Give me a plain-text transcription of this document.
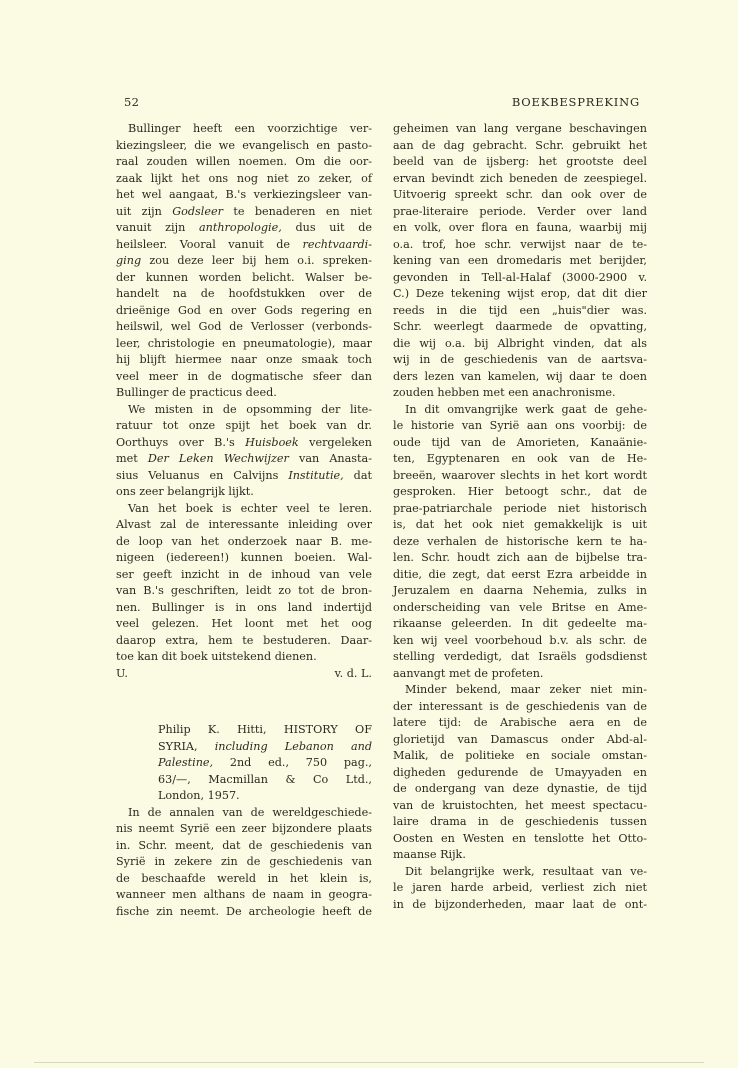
52	BOEKBESPREKING
Bullinger heeft een voorzichtige ver-
kiezingsleer, die we evangelisch en pasto-
raal zouden willen noemen. Om die oor-
zaak lijkt het ons nog niet zo zeker, of
het wel aangaat, B.'s verkiezingsleer van-
uit zijn Godsleer te benaderen en niet
vanuit zijn anthropologie, dus uit de
heilsleer. Vooral vanuit de rechtvaardi-
ging zou deze leer bij hem o.i. spreken-
der kunnen worden belicht. Walser be-
handelt na de hoofdstukken over de
drieënige God en over Gods regering en
heilswil, wel God de Verlosser (verbonds-
leer, christologie en pneumatologie), maar
hij blijft hiermee naar onze smaak toch
veel meer in de dogmatische sfeer dan
Bullinger de practicus deed.
We misten in de opsomming der lite-
ratuur tot onze spijt het boek van dr.
Oorthuys over B.'s Huisboek vergeleken
met Der Leken Wechwijzer van Anastа-
sius Veluanus en Calvijns Institutie, dat
ons zeer belangrijk lijkt.
Van het boek is echter veel te leren.
Alvast zal de interessante inleiding over
de loop van het onderzoek naar B. me-
nigeen (iedereen!) kunnen boeien. Wal-
ser geeft inzicht in de inhoud van vele
van B.'s geschriften, leidt zo tot de bron-
nen. Bullinger is in ons land indertijd
veel gelezen. Het loont met het oog
daarop extra, hem te bestuderen. Daar-
toe kan dit boek uitstekend dienen.
U.	v. d. L.
Philip K. Hitti, HISTORY OF
SYRIA, including Lebanon and
Palestine, 2nd ed., 750 pag.,
63/—, Macmillan & Co Ltd.,
London, 1957.
In de annalen van de wereldgeschiede-
nis neemt Syrië een zeer bijzondere plaats
in. Schr. meent, dat de geschiedenis van
Syrië in zekere zin de geschiedenis van
de beschaafde wereld in het klein is,
wanneer men althans de naam in geogra-
fische zin neemt. De archeologie heeft de
geheimen van lang vergane beschavingen
aan de dag gebracht. Schr. gebruikt het
beeld van de ijsberg: het grootste deel
ervan bevindt zich beneden de zeespiegel.
Uitvoerig spreekt schr. dan ook over de
prae-literaire periode. Verder over land
en volk, over flora en fauna, waarbij mij
o.a. trof, hoe schr. verwijst naar de te-
kening van een dromedaris met berijder,
gevonden in Tell-al-Halaf (3000-2900 v.
C.) Deze tekening wijst erop, dat dit dier
reeds in die tijd een „huis"dier was.
Schr. weerlegt daarmede de opvatting,
die wij o.a. bij Albright vinden, dat als
wij in de geschiedenis van de aartsva-
ders lezen van kamelen, wij daar te doen
zouden hebben met een anachronisme.
In dit omvangrijke werk gaat de gehe-
le historie van Syrië aan ons voorbij: de
oude tijd van de Amorieten, Kanaänie-
ten, Egyptenaren en ook van de He-
breeën, waarover slechts in het kort wordt
gesproken. Hier betoogt schr., dat de
prae-patriarchale periode niet historisch
is, dat het ook niet gemakkelijk is uit
deze verhalen de historische kern te ha-
len. Schr. houdt zich aan de bijbelse tra-
ditie, die zegt, dat eerst Ezra arbeidde in
Jeruzalem en daarna Nehemia, zulks in
onderscheiding van vele Britse en Ame-
rikaanse geleerden. In dit gedeelte ma-
ken wij veel voorbehoud b.v. als schr. de
stelling verdedigt, dat Israëls godsdienst
aanvangt met de profeten.
Minder bekend, maar zeker niet min-
der interessant is de geschiedenis van de
latere tijd: de Arabische aera en de
glorietijd van Damascus onder Abd-al-
Malik, de politieke en sociale omstan-
digheden gedurende de Umayyaden en
de ondergang van deze dynastie, de tijd
van de kruistochten, het meest spectacu-
laire drama in de geschiedenis tussen
Oosten en Westen en tenslotte het Otto-
maanse Rijk.
Dit belangrijke werk, resultaat van ve-
le jaren harde arbeid, verliest zich niet
in de bijzonderheden, maar laat de ont-
